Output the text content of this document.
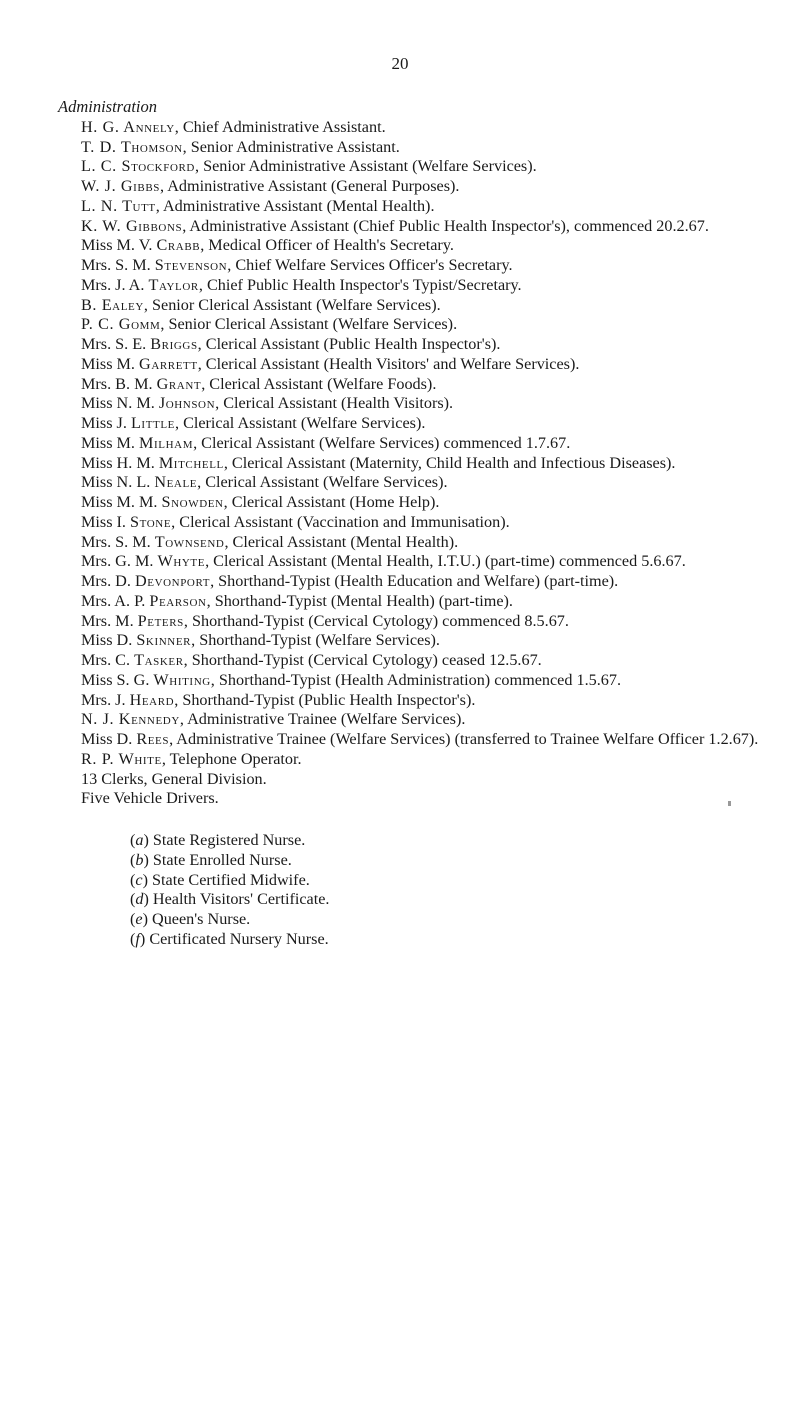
20

Administration

H. G. Annely, Chief Administrative Assistant.

T. D. Thomson, Senior Administrative Assistant.

L. C. Stockford, Senior Administrative Assistant (Welfare Services).

W. J. Gibbs, Administrative Assistant (General Purposes).

L. N. Tutt, Administrative Assistant (Mental Health).

K. W. Gibbons, Administrative Assistant (Chief Public Health Inspector's), commenced 20.2.67.

Miss M. V. Crabb, Medical Officer of Health's Secretary.

Mrs. S. M. Stevenson, Chief Welfare Services Officer's Secretary.

Mrs. J. A. Taylor, Chief Public Health Inspector's Typist/Secretary.

B. Ealey, Senior Clerical Assistant (Welfare Services).

P. C. Gomm, Senior Clerical Assistant (Welfare Services).

Mrs. S. E. Briggs, Clerical Assistant (Public Health Inspector's).

Miss M. Garrett, Clerical Assistant (Health Visitors' and Welfare Services).

Mrs. B. M. Grant, Clerical Assistant (Welfare Foods).

Miss N. M. Johnson, Clerical Assistant (Health Visitors).

Miss J. Little, Clerical Assistant (Welfare Services).

Miss M. Milham, Clerical Assistant (Welfare Services) commenced 1.7.67.

Miss H. M. Mitchell, Clerical Assistant (Maternity, Child Health and Infectious Diseases).

Miss N. L. Neale, Clerical Assistant (Welfare Services).

Miss M. M. Snowden, Clerical Assistant (Home Help).

Miss I. Stone, Clerical Assistant (Vaccination and Immunisation).

Mrs. S. M. Townsend, Clerical Assistant (Mental Health).

Mrs. G. M. Whyte, Clerical Assistant (Mental Health, I.T.U.) (part-time) commenced 5.6.67.

Mrs. D. Devonport, Shorthand-Typist (Health Education and Welfare) (part-time).

Mrs. A. P. Pearson, Shorthand-Typist (Mental Health) (part-time).

Mrs. M. Peters, Shorthand-Typist (Cervical Cytology) commenced 8.5.67.

Miss D. Skinner, Shorthand-Typist (Welfare Services).

Mrs. C. Tasker, Shorthand-Typist (Cervical Cytology) ceased 12.5.67.

Miss S. G. Whiting, Shorthand-Typist (Health Administration) commenced 1.5.67.

Mrs. J. Heard, Shorthand-Typist (Public Health Inspector's).

N. J. Kennedy, Administrative Trainee (Welfare Services).

Miss D. Rees, Administrative Trainee (Welfare Services) (transferred to Trainee Welfare Officer 1.2.67).

R. P. White, Telephone Operator.

13 Clerks, General Division.

Five Vehicle Drivers.

(a) State Registered Nurse.

(b) State Enrolled Nurse.

(c) State Certified Midwife.

(d) Health Visitors' Certificate.

(e) Queen's Nurse.

(f) Certificated Nursery Nurse.
